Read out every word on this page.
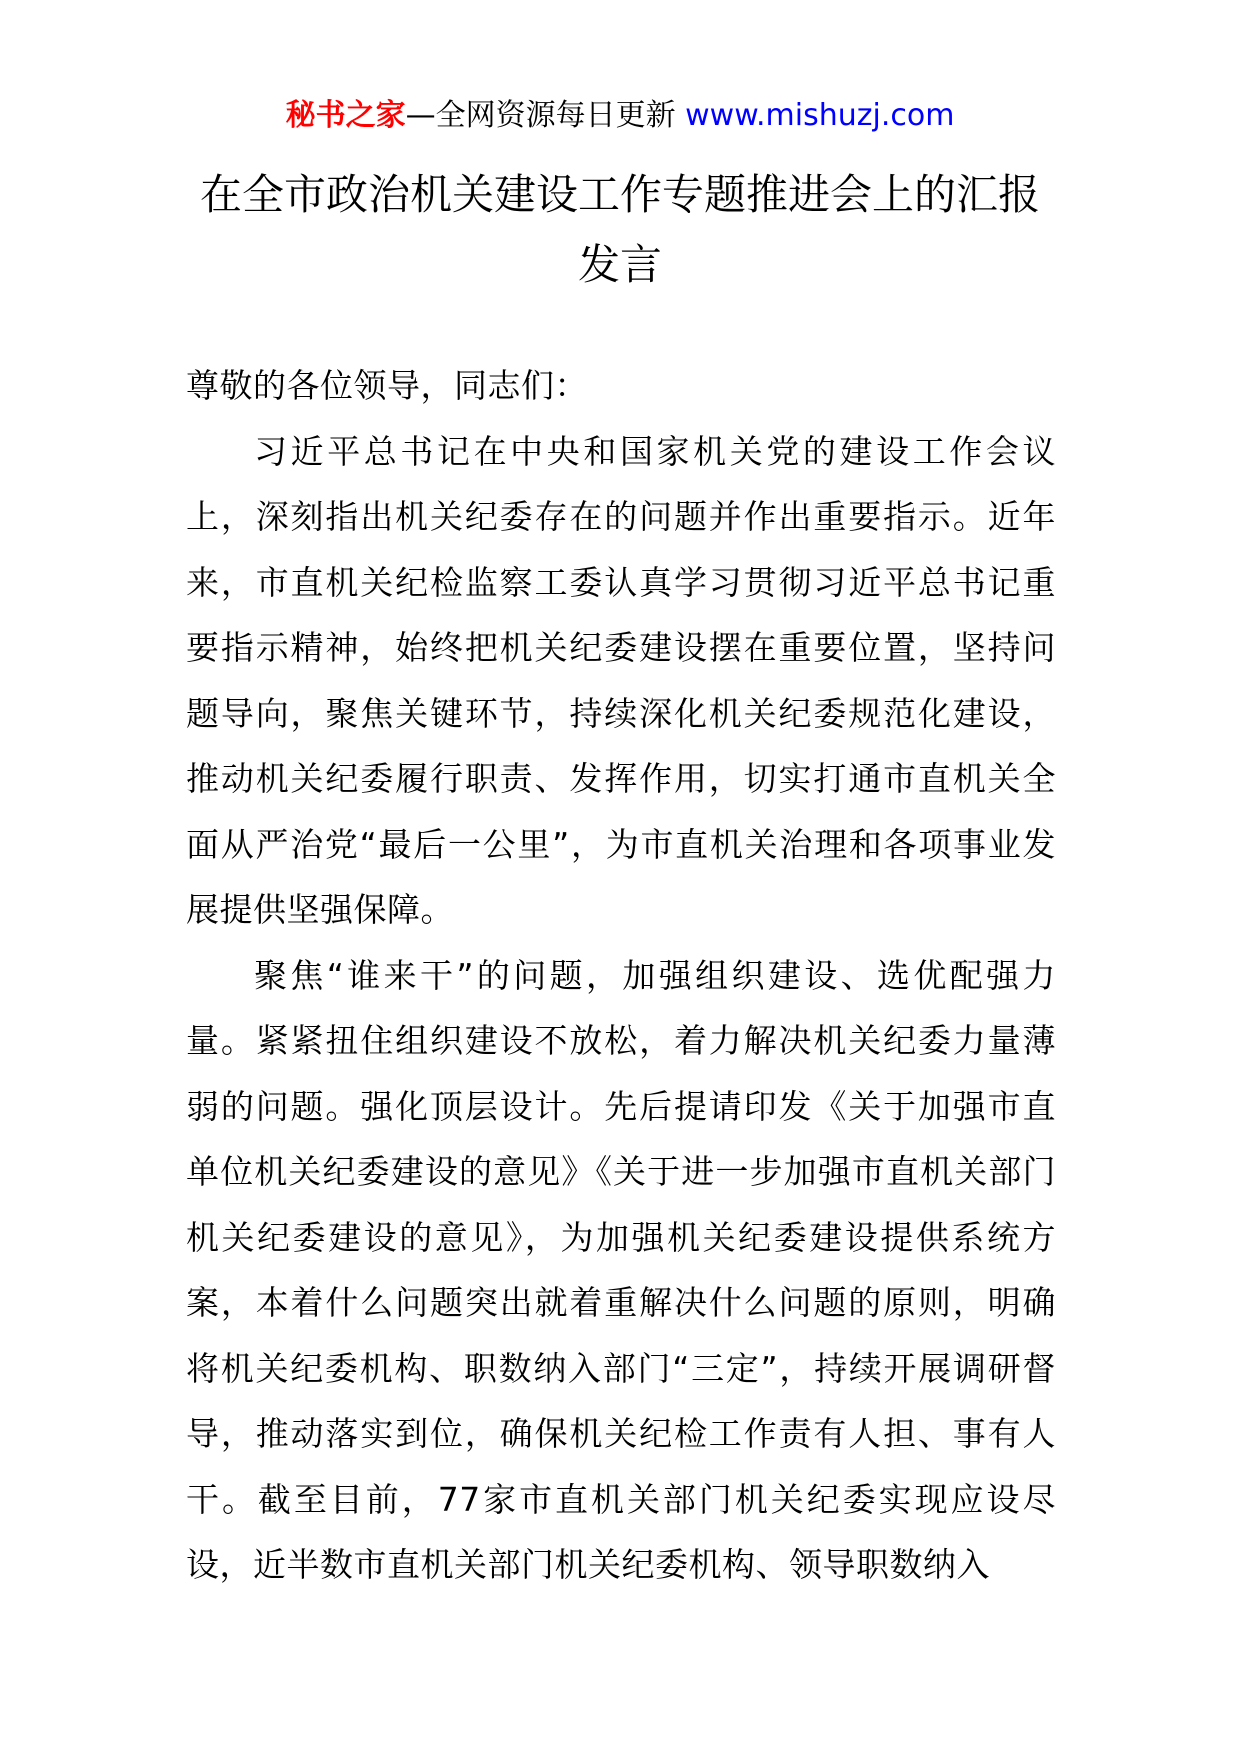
秘书之家—全网资源每日更新 www.mishuzj.com
在全市政治机关建设工作专题推进会上的汇报
发言

尊敬的各位领导，同志们：

习近平总书记在中央和国家机关党的建设工作会议上，深刻指出机关纪委存在的问题并作出重要指示。近年来，市直机关纪检监察工委认真学习贯彻习近平总书记重要指示精神，始终把机关纪委建设摆在重要位置，坚持问题导向，聚焦关键环节，持续深化机关纪委规范化建设，推动机关纪委履行职责、发挥作用，切实打通市直机关全面从严治党“最后一公里”，为市直机关治理和各项事业发展提供坚强保障。

聚焦“谁来干”的问题，加强组织建设、选优配强力量。紧紧扭住组织建设不放松，着力解决机关纪委力量薄弱的问题。强化顶层设计。先后提请印发《关于加强市直单位机关纪委建设的意见》《关于进一步加强市直机关部门机关纪委建设的意见》，为加强机关纪委建设提供系统方案，本着什么问题突出就着重解决什么问题的原则，明确将机关纪委机构、职数纳入部门“三定”，持续开展调研督导，推动落实到位，确保机关纪检工作责有人担、事有人干。截至目前，77家市直机关部门机关纪委实现应设尽设，近半数市直机关部门机关纪委机构、领导职数纳入
